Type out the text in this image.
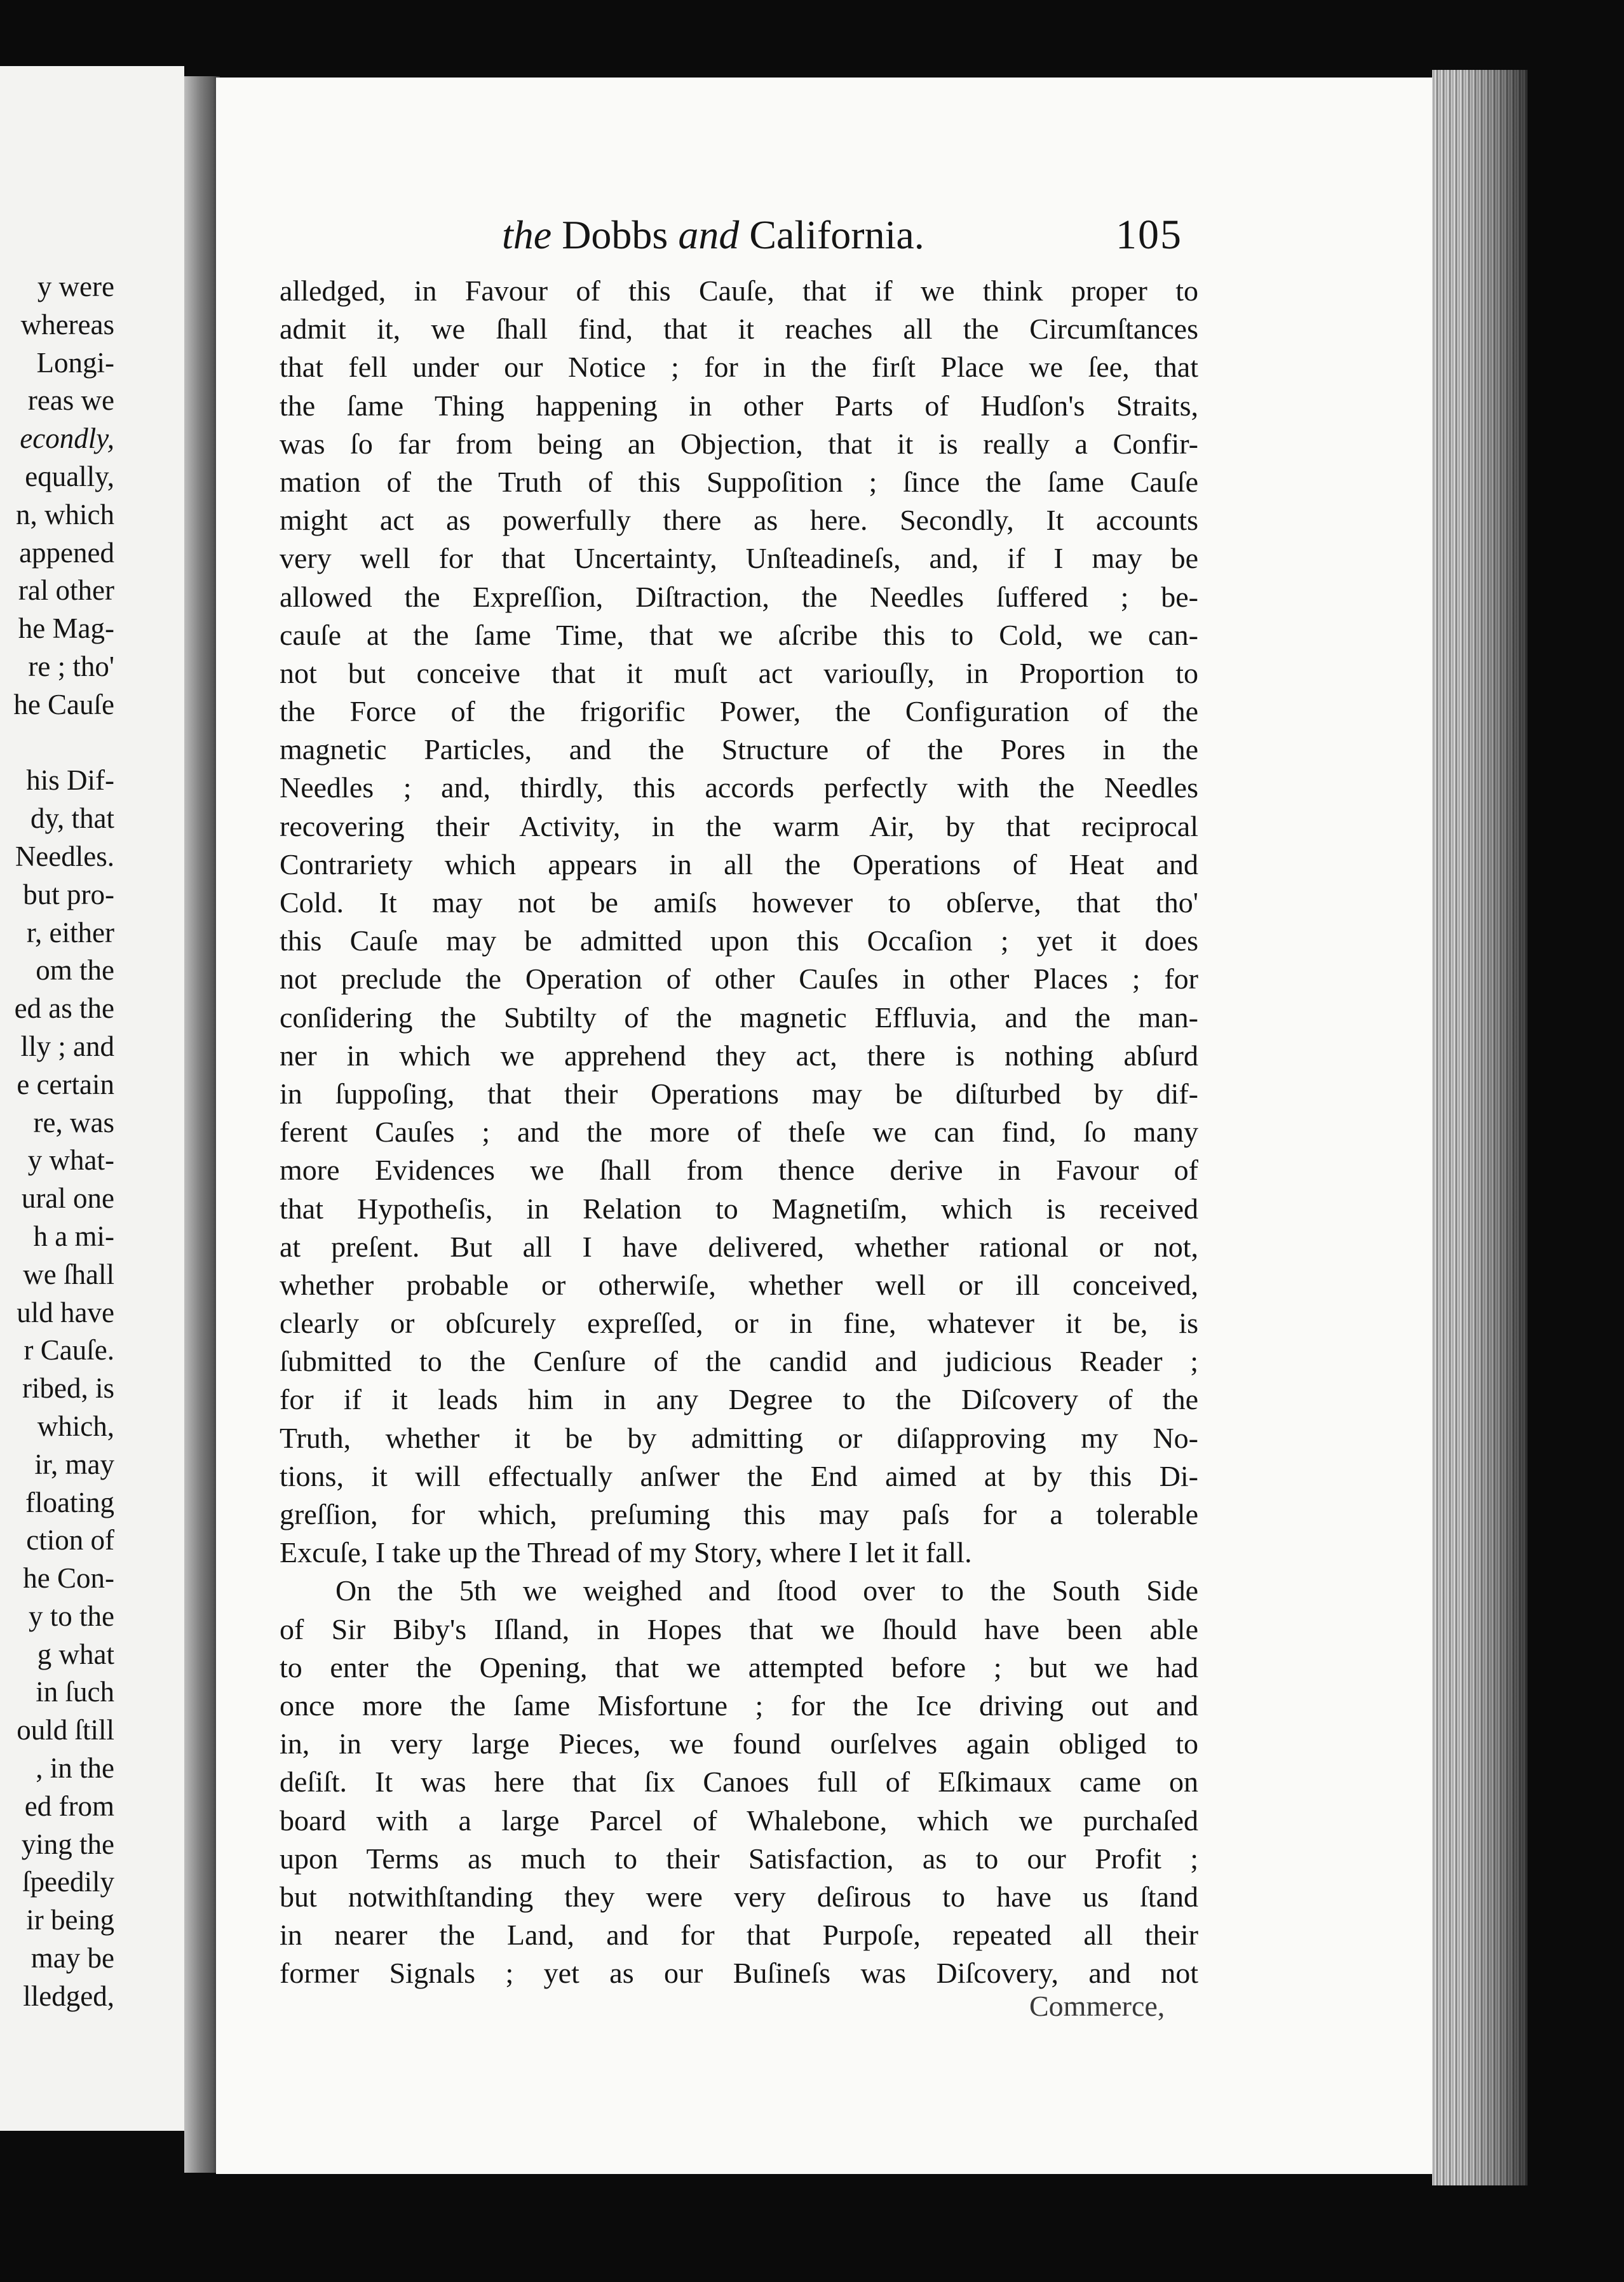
y were
whereas
Longi-
reas we
econdly,
equally,
n, which
appened
ral other
he Mag-
re ; tho'
he Cauſe
his Dif-
dy, that
Needles.
but pro-
r, either
om the
ed as the
lly ; and
e certain
re, was
y what-
ural one
h a mi-
we ſhall
uld have
r Cauſe.
ribed, is
which,
ir, may
floating
ction of
he Con-
y to the
g what
in ſuch
ould ſtill
, in the
ed from
ying the
ſpeedily
ir being
may be
lledged,
the Dobbs and California.	105
alledged, in Favour of this Cauſe, that if we think proper to
admit it, we ſhall find, that it reaches all the Circumſtances
that fell under our Notice ; for in the firſt Place we ſee, that
the ſame Thing happening in other Parts of Hudſon's Straits,
was ſo far from being an Objection, that it is really a Confir-
mation of the Truth of this Suppoſition ; ſince the ſame Cauſe
might act as powerfully there as here. Secondly, It accounts
very well for that Uncertainty, Unſteadineſs, and, if I may be
allowed the Expreſſion, Diſtraction, the Needles ſuffered ; be-
cauſe at the ſame Time, that we aſcribe this to Cold, we can-
not but conceive that it muſt act variouſly, in Proportion to
the Force of the frigorific Power, the Configuration of the
magnetic Particles, and the Structure of the Pores in the
Needles ; and, thirdly, this accords perfectly with the Needles
recovering their Activity, in the warm Air, by that reciprocal
Contrariety which appears in all the Operations of Heat and
Cold. It may not be amiſs however to obſerve, that tho'
this Cauſe may be admitted upon this Occaſion ; yet it does
not preclude the Operation of other Cauſes in other Places ; for
conſidering the Subtilty of the magnetic Effluvia, and the man-
ner in which we apprehend they act, there is nothing abſurd
in ſuppoſing, that their Operations may be diſturbed by dif-
ferent Cauſes ; and the more of theſe we can find, ſo many
more Evidences we ſhall from thence derive in Favour of
that Hypotheſis, in Relation to Magnetiſm, which is received
at preſent. But all I have delivered, whether rational or not,
whether probable or otherwiſe, whether well or ill conceived,
clearly or obſcurely expreſſed, or in fine, whatever it be, is
ſubmitted to the Cenſure of the candid and judicious Reader ;
for if it leads him in any Degree to the Diſcovery of the
Truth, whether it be by admitting or diſapproving my No-
tions, it will effectually anſwer the End aimed at by this Di-
greſſion, for which, preſuming this may paſs for a tolerable
Excuſe, I take up the Thread of my Story, where I let it fall.
On the 5th we weighed and ſtood over to the South Side
of Sir Biby's Iſland, in Hopes that we ſhould have been able
to enter the Opening, that we attempted before ; but we had
once more the ſame Misfortune ; for the Ice driving out and
in, in very large Pieces, we found ourſelves again obliged to
deſiſt. It was here that ſix Canoes full of Eſkimaux came on
board with a large Parcel of Whalebone, which we purchaſed
upon Terms as much to their Satisfaction, as to our Profit ;
but notwithſtanding they were very deſirous to have us ſtand
in nearer the Land, and for that Purpoſe, repeated all their
former Signals ; yet as our Buſineſs was Diſcovery, and not
Commerce,
